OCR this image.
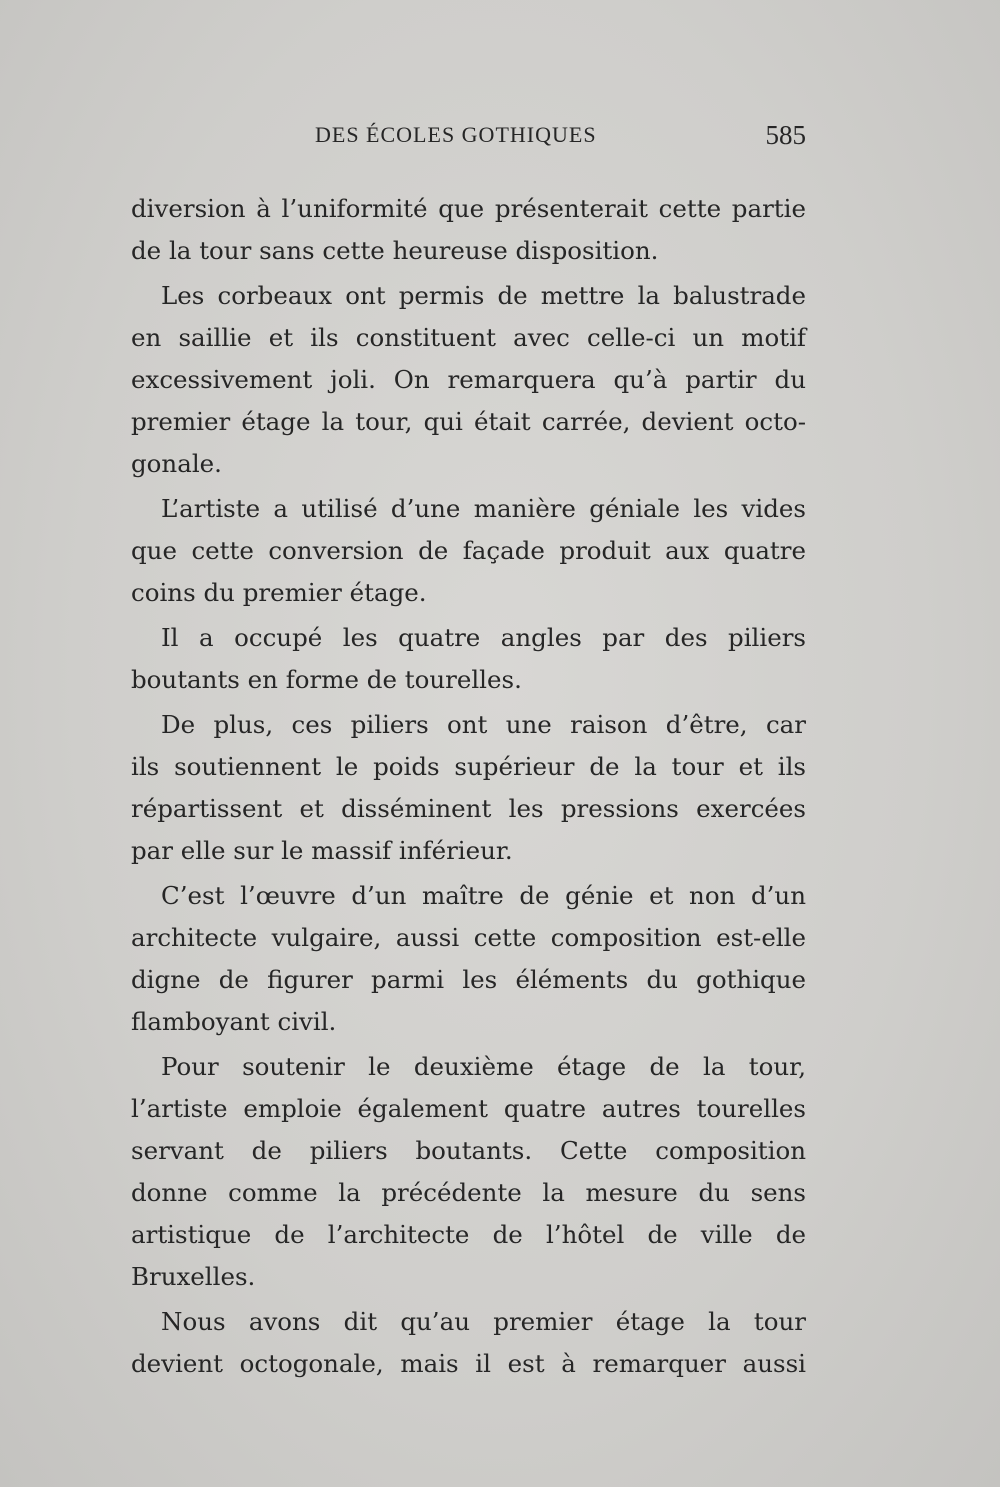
DES ÉCOLES GOTHIQUES	585

diversion à l’uniformité que présenterait cette partie
de la tour sans cette heureuse disposition.

Les corbeaux ont permis de mettre la balustrade
en saillie et ils constituent avec celle-ci un motif
excessivement joli. On remarquera qu’à partir du
premier étage la tour, qui était carrée, devient octo-
gonale.

L’artiste a utilisé d’une manière géniale les vides
que cette conversion de façade produit aux quatre
coins du premier étage.

Il a occupé les quatre angles par des piliers
boutants en forme de tourelles.

De plus, ces piliers ont une raison d’être, car
ils soutiennent le poids supérieur de la tour et ils
répartissent et disséminent les pressions exercées
par elle sur le massif inférieur.

C’est l’œuvre d’un maître de génie et non d’un
architecte vulgaire, aussi cette composition est-elle
digne de figurer parmi les éléments du gothique
flamboyant civil.

Pour soutenir le deuxième étage de la tour,
l’artiste emploie également quatre autres tourelles
servant de piliers boutants. Cette composition
donne comme la précédente la mesure du sens
artistique de l’architecte de l’hôtel de ville de
Bruxelles.

Nous avons dit qu’au premier étage la tour
devient octogonale, mais il est à remarquer aussi
